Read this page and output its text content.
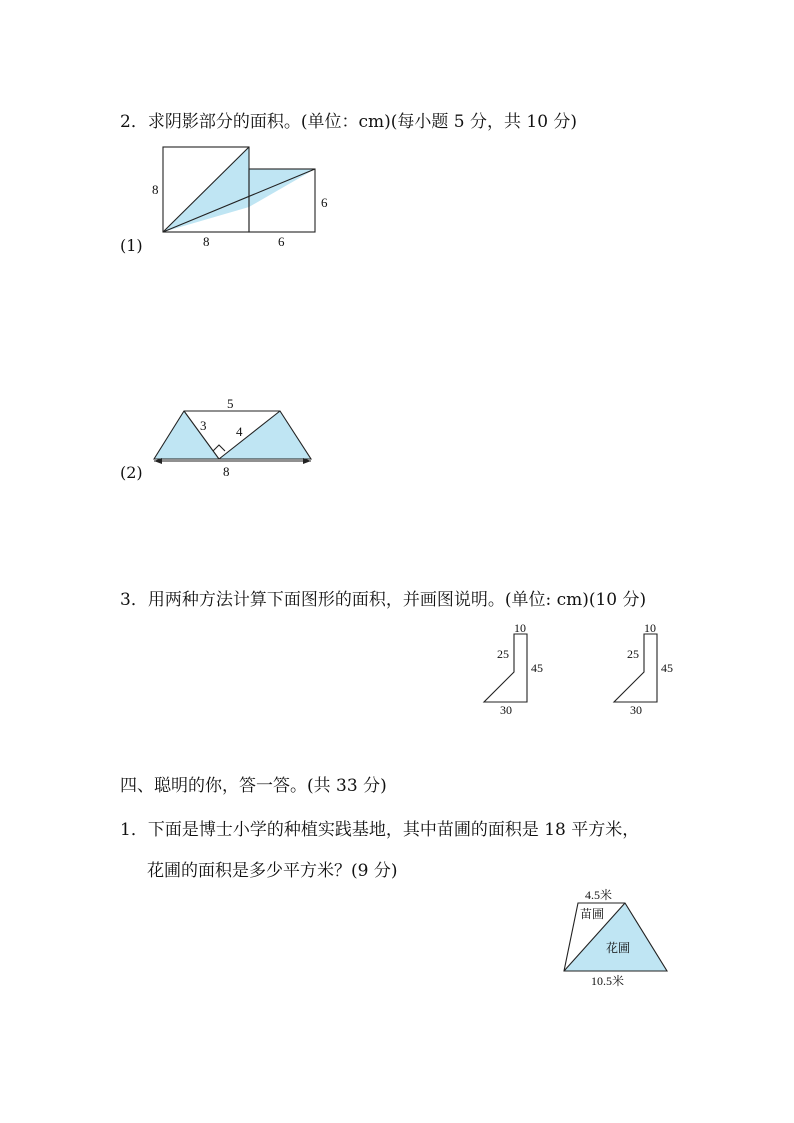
2．求阴影部分的面积。(单位：cm)(每小题 5 分，共 10 分)
(1)
8
6
8	6
(2)
5
3 4
8
3．用两种方法计算下面图形的面积，并画图说明。(单位: cm)(10 分)
10
25
45
30
10
25
45
30
四、聪明的你，答一答。(共 33 分)
1．下面是博士小学的种植实践基地，其中苗圃的面积是 18 平方米，
花圃的面积是多少平方米？(9 分)
4.5米
苗圃
花圃
10.5米
